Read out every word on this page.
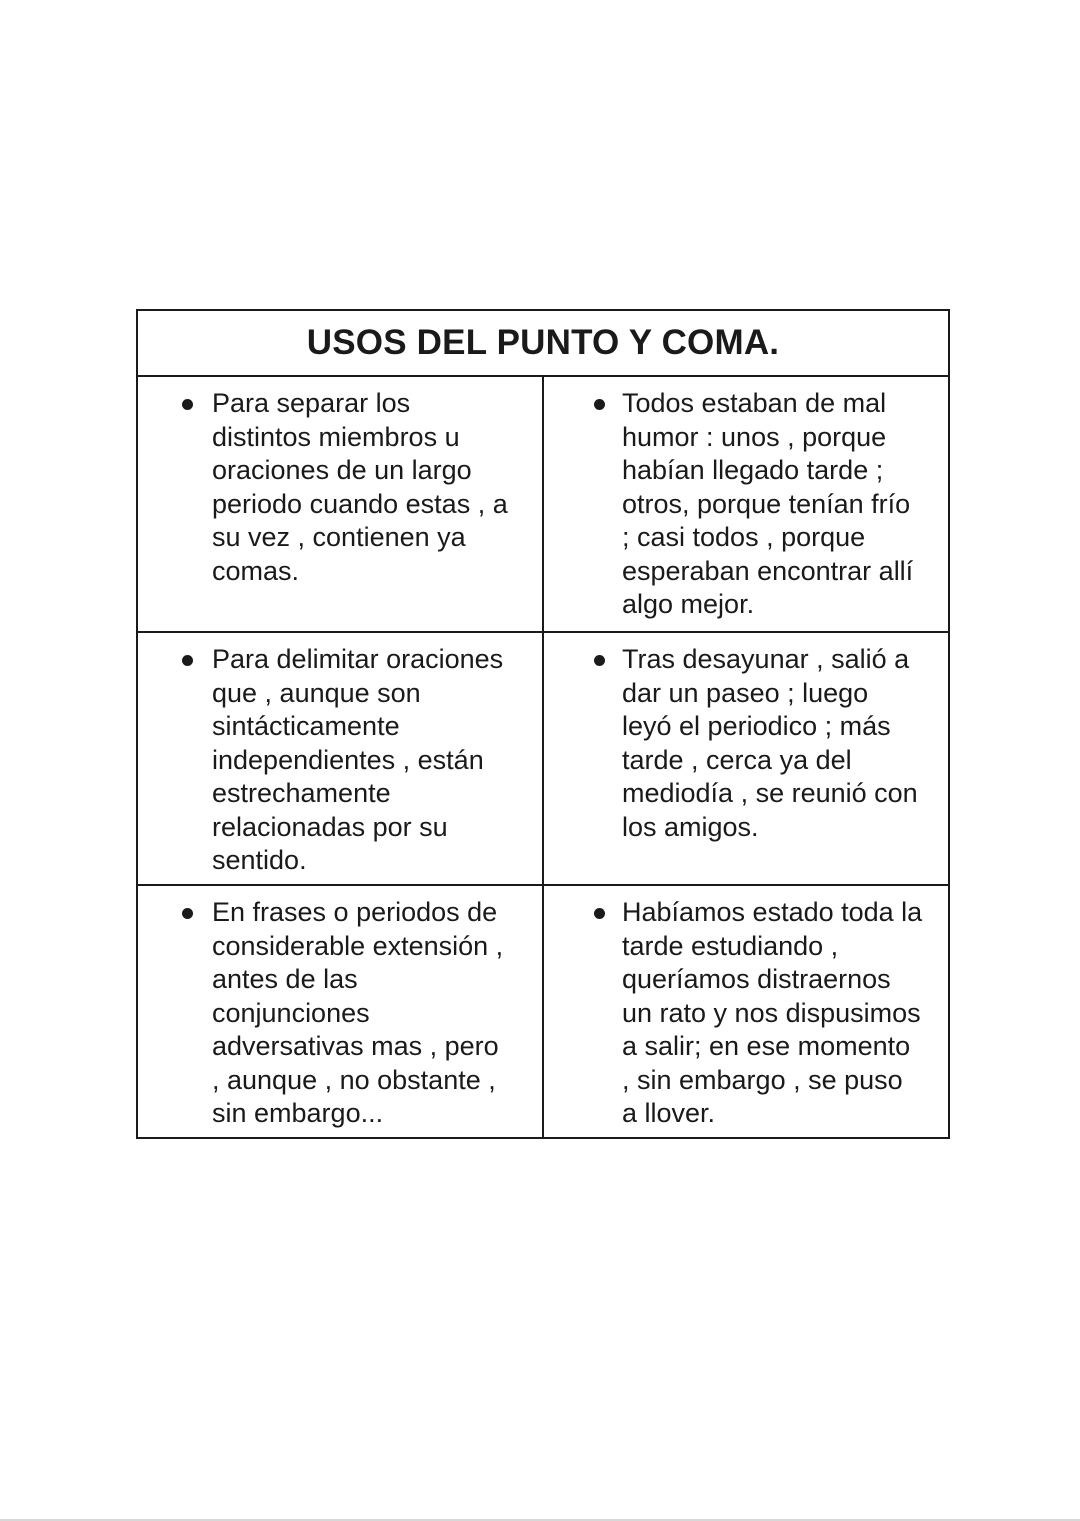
USOS DEL PUNTO Y COMA.

Para separar los
distintos miembros u
oraciones de un largo
periodo cuando estas , a
su vez , contienen ya
comas.

Todos estaban de mal
humor : unos , porque
habían llegado tarde ;
otros, porque tenían frío
; casi todos , porque
esperaban encontrar allí
algo mejor.

Para delimitar oraciones
que , aunque son
sintácticamente
independientes , están
estrechamente
relacionadas por su
sentido.

Tras desayunar , salió a
dar un paseo ; luego
leyó el periodico ; más
tarde , cerca ya del
mediodía , se reunió con
los amigos.

En frases o periodos de
considerable extensión ,
antes de las
conjunciones
adversativas mas , pero
, aunque , no obstante ,
sin embargo...

Habíamos estado toda la
tarde estudiando ,
queríamos distraernos
un rato y nos dispusimos
a salir; en ese momento
, sin embargo , se puso
a llover.
